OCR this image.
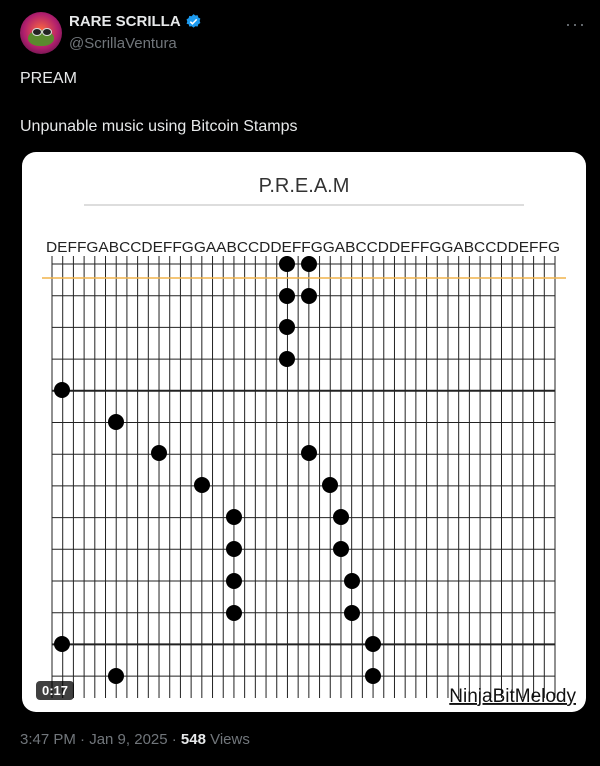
RARE SCRILLA
@ScrillaVentura
···
PREAM
Unpunable music using Bitcoin Stamps
P.R.E.A.M
DEFFGABCCDEFFGGAABCCDDEFFGGABCCDDEFFGGABCCDDEFFG
NinjaBitMelody
0:17
3:47 PM · Jan 9, 2025 · 548 Views
